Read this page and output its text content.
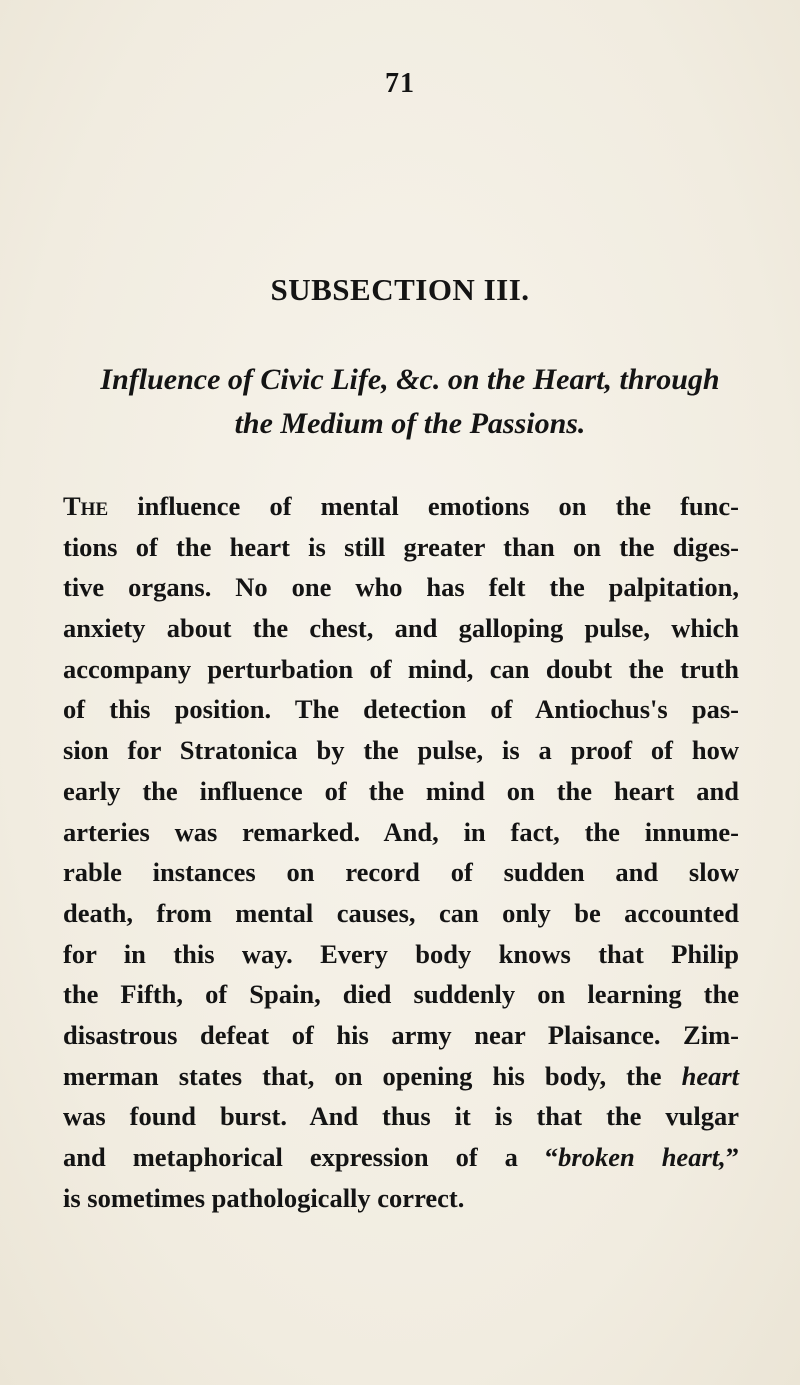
71
SUBSECTION III.
Influence of Civic Life, &c. on the Heart, through
the Medium of the Passions.
The influence of mental emotions on the func-
tions of the heart is still greater than on the diges-
tive organs. No one who has felt the palpitation,
anxiety about the chest, and galloping pulse, which
accompany perturbation of mind, can doubt the truth
of this position. The detection of Antiochus's pas-
sion for Stratonica by the pulse, is a proof of how
early the influence of the mind on the heart and
arteries was remarked. And, in fact, the innume-
rable instances on record of sudden and slow
death, from mental causes, can only be accounted
for in this way. Every body knows that Philip
the Fifth, of Spain, died suddenly on learning the
disastrous defeat of his army near Plaisance. Zim-
merman states that, on opening his body, the heart
was found burst. And thus it is that the vulgar
and metaphorical expression of a “broken heart,”
is sometimes pathologically correct.
